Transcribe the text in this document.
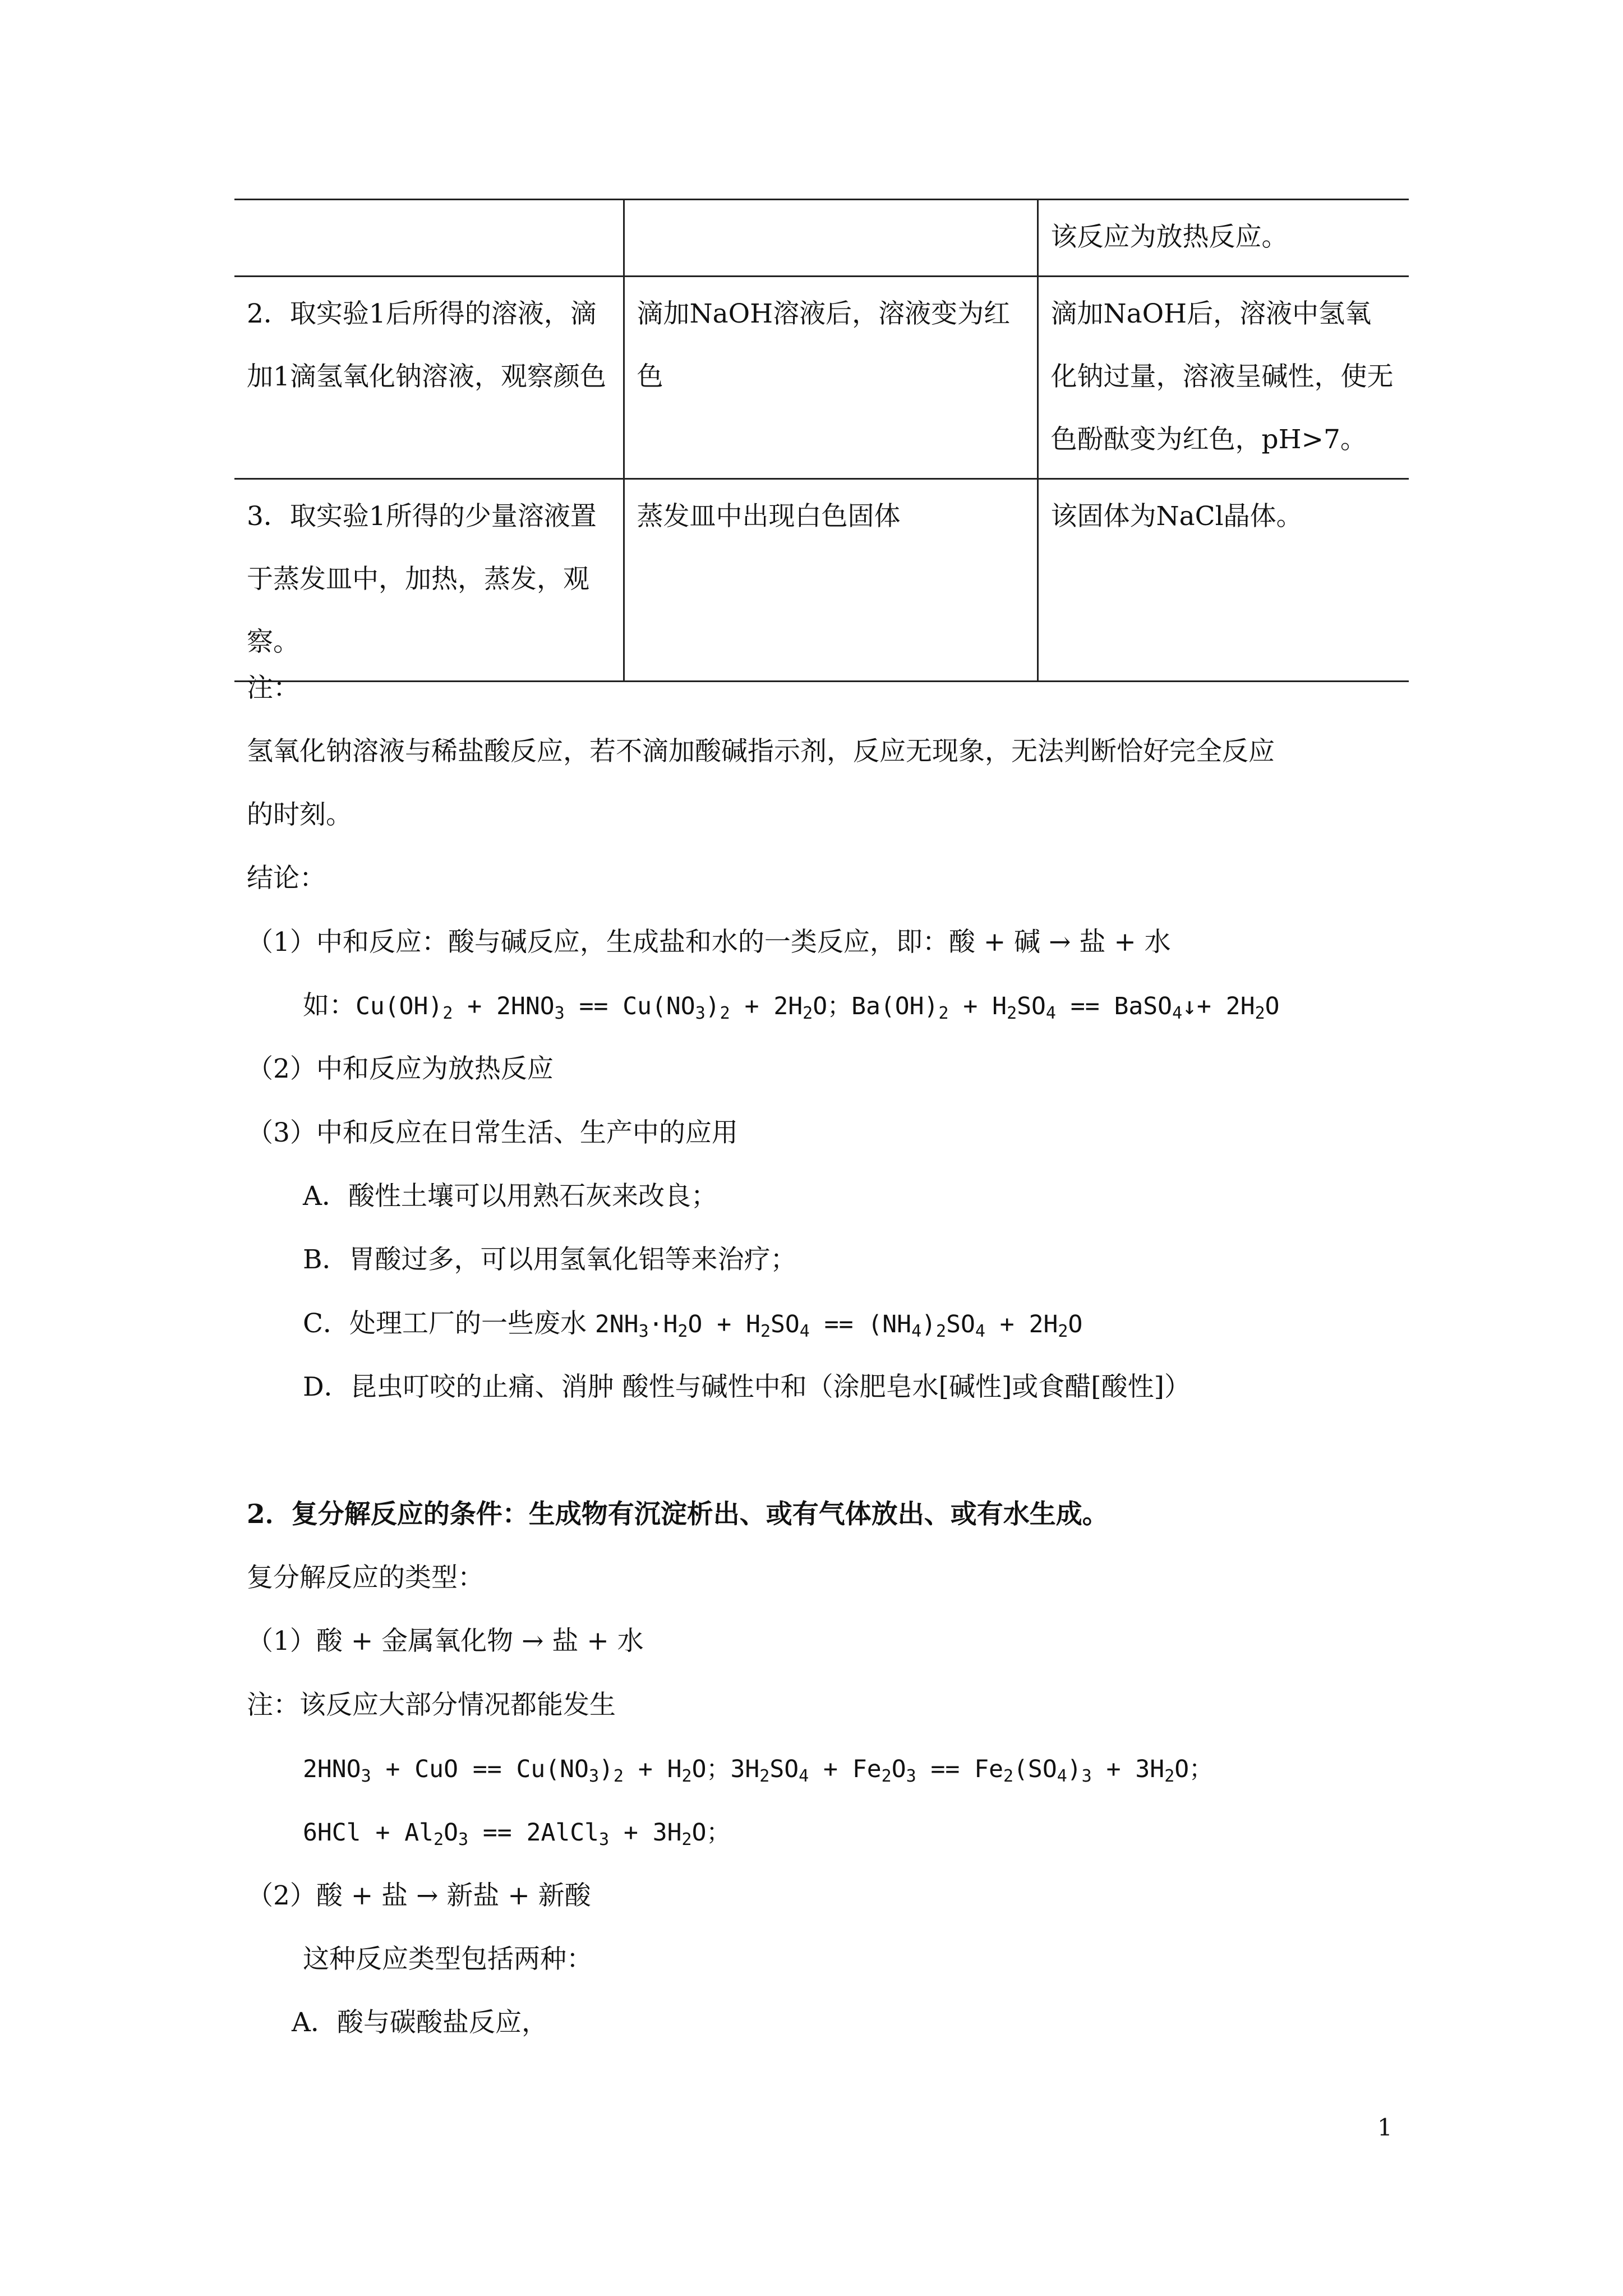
		该反应为放热反应。
2．取实验1后所得的溶液，滴加1滴氢氧化钠溶液，观察颜色	滴加NaOH溶液后，溶液变为红色	滴加NaOH后，溶液中氢氧化钠过量，溶液呈碱性，使无色酚酞变为红色，pH>7。
3．取实验1所得的少量溶液置于蒸发皿中，加热，蒸发，观察。	蒸发皿中出现白色固体	该固体为NaCl晶体。
注：
氢氧化钠溶液与稀盐酸反应，若不滴加酸碱指示剂，反应无现象，无法判断恰好完全反应
的时刻。
结论：
（1）中和反应：酸与碱反应，生成盐和水的一类反应，即：酸 + 碱 → 盐 + 水
如：$Cu(OH)_2 + 2HNO_3 == Cu(NO_3)_2 + 2H_2O$；$Ba(OH)_2 + H_2SO_4$ == BaSO$_4$↓+ $2H_2O$
（2）中和反应为放热反应
（3）中和反应在日常生活、生产中的应用
A．酸性土壤可以用熟石灰来改良；
B．胃酸过多，可以用氢氧化铝等来治疗；
C．处理工厂的一些废水 $2NH_3\cdot H_2O + H_2SO_4 == (NH_4)_2SO_4 + 2H_2O$
D．昆虫叮咬的止痛、消肿 酸性与碱性中和（涂肥皂水[碱性]或食醋[酸性]）
2．复分解反应的条件：生成物有沉淀析出、或有气体放出、或有水生成。
复分解反应的类型：
（1）酸 + 金属氧化物 → 盐 + 水
注：该反应大部分情况都能发生
$2HNO_3$ + CuO == $Cu(NO_3)_2 + H_2O$；$3H_2SO_4 + Fe_2O_3 == Fe_2(SO_4)_3 + 3H_2O$；
$6HCl + Al_2O_3$ == 2AlCl$_3$ + $3H_2O$；
（2）酸 + 盐 → 新盐 + 新酸
这种反应类型包括两种：
A．酸与碳酸盐反应，
1
